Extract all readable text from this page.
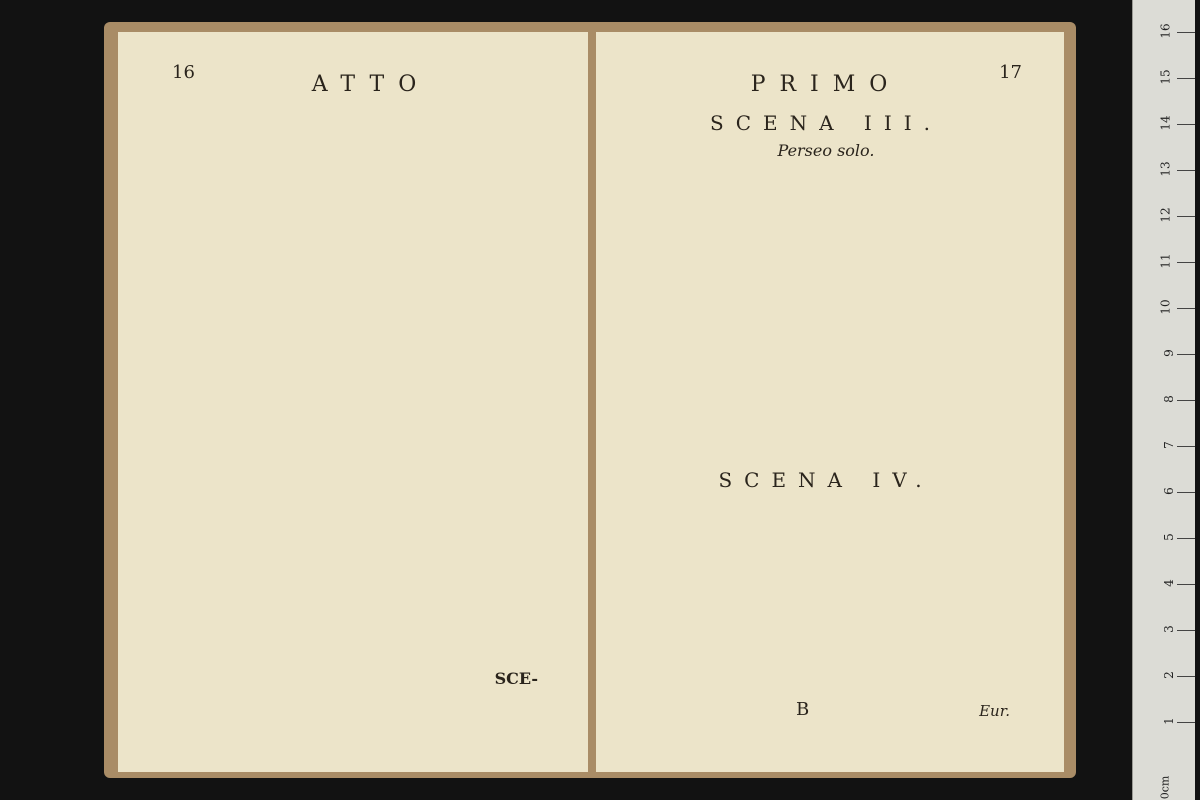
16	ATTO
SCE-
17
PRIMO
SCENA III.
Perseo solo.
SCENA IV.
B	Eur.
0cm
1
2
3
4
5
6
7
8
9
10
11
12
13
14
15
16
